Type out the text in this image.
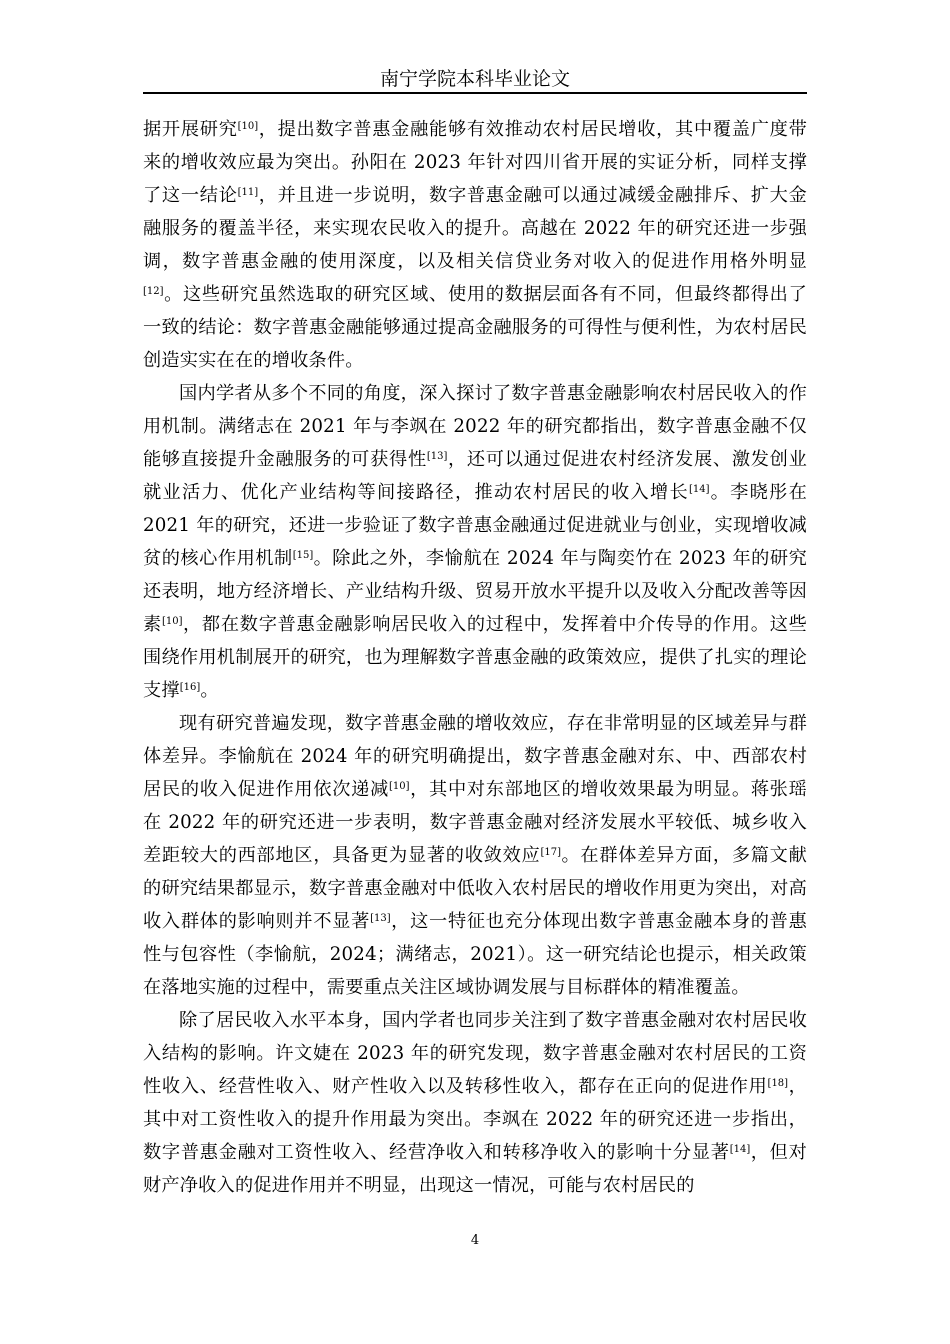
南宁学院本科毕业论文

据开展研究[10]，提出数字普惠金融能够有效推动农村居民增收，其中覆盖广度带来的增收效应最为突出。孙阳在 2023 年针对四川省开展的实证分析，同样支撑了这一结论[11]，并且进一步说明，数字普惠金融可以通过减缓金融排斥、扩大金融服务的覆盖半径，来实现农民收入的提升。高越在 2022 年的研究还进一步强调，数字普惠金融的使用深度，以及相关信贷业务对收入的促进作用格外明显[12]。这些研究虽然选取的研究区域、使用的数据层面各有不同，但最终都得出了一致的结论：数字普惠金融能够通过提高金融服务的可得性与便利性，为农村居民创造实实在在的增收条件。

国内学者从多个不同的角度，深入探讨了数字普惠金融影响农村居民收入的作用机制。满绪志在 2021 年与李飒在 2022 年的研究都指出，数字普惠金融不仅能够直接提升金融服务的可获得性[13]，还可以通过促进农村经济发展、激发创业就业活力、优化产业结构等间接路径，推动农村居民的收入增长[14]。李晓彤在 2021 年的研究，还进一步验证了数字普惠金融通过促进就业与创业，实现增收减贫的核心作用机制[15]。除此之外，李愉航在 2024 年与陶奕竹在 2023 年的研究还表明，地方经济增长、产业结构升级、贸易开放水平提升以及收入分配改善等因素[10]，都在数字普惠金融影响居民收入的过程中，发挥着中介传导的作用。这些围绕作用机制展开的研究，也为理解数字普惠金融的政策效应，提供了扎实的理论支撑[16]。

现有研究普遍发现，数字普惠金融的增收效应，存在非常明显的区域差异与群体差异。李愉航在 2024 年的研究明确提出，数字普惠金融对东、中、西部农村居民的收入促进作用依次递减[10]，其中对东部地区的增收效果最为明显。蒋张瑶在 2022 年的研究还进一步表明，数字普惠金融对经济发展水平较低、城乡收入差距较大的西部地区，具备更为显著的收敛效应[17]。在群体差异方面，多篇文献的研究结果都显示，数字普惠金融对中低收入农村居民的增收作用更为突出，对高收入群体的影响则并不显著[13]，这一特征也充分体现出数字普惠金融本身的普惠性与包容性（李愉航，2024；满绪志，2021）。这一研究结论也提示，相关政策在落地实施的过程中，需要重点关注区域协调发展与目标群体的精准覆盖。

除了居民收入水平本身，国内学者也同步关注到了数字普惠金融对农村居民收入结构的影响。许文婕在 2023 年的研究发现，数字普惠金融对农村居民的工资性收入、经营性收入、财产性收入以及转移性收入，都存在正向的促进作用[18]，其中对工资性收入的提升作用最为突出。李飒在 2022 年的研究还进一步指出，数字普惠金融对工资性收入、经营净收入和转移净收入的影响十分显著[14]，但对财产净收入的促进作用并不明显，出现这一情况，可能与农村居民的

4
